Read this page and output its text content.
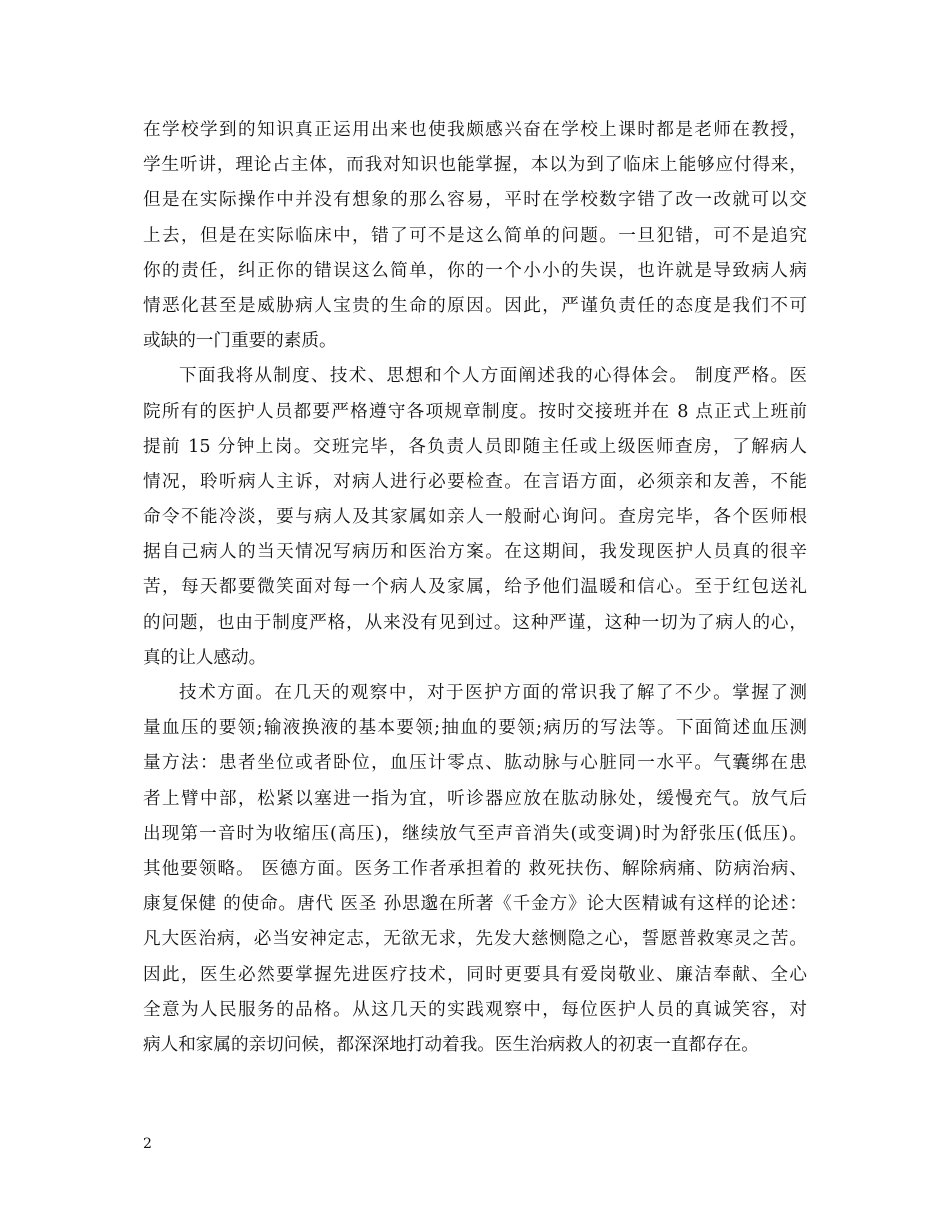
在学校学到的知识真正运用出来也使我颇感兴奋在学校上课时都是老师在教授，
学生听讲，理论占主体，而我对知识也能掌握，本以为到了临床上能够应付得来，
但是在实际操作中并没有想象的那么容易，平时在学校数字错了改一改就可以交
上去，但是在实际临床中，错了可不是这么简单的问题。一旦犯错，可不是追究
你的责任，纠正你的错误这么简单，你的一个小小的失误，也许就是导致病人病
情恶化甚至是威胁病人宝贵的生命的原因。因此，严谨负责任的态度是我们不可
或缺的一门重要的素质。
下面我将从制度、技术、思想和个人方面阐述我的心得体会。 制度严格。医
院所有的医护人员都要严格遵守各项规章制度。按时交接班并在 8 点正式上班前
提前 15 分钟上岗。交班完毕，各负责人员即随主任或上级医师查房，了解病人
情况，聆听病人主诉，对病人进行必要检查。在言语方面，必须亲和友善，不能
命令不能冷淡，要与病人及其家属如亲人一般耐心询问。查房完毕，各个医师根
据自己病人的当天情况写病历和医治方案。在这期间，我发现医护人员真的很辛
苦，每天都要微笑面对每一个病人及家属，给予他们温暖和信心。至于红包送礼
的问题，也由于制度严格，从来没有见到过。这种严谨，这种一切为了病人的心，
真的让人感动。
技术方面。在几天的观察中，对于医护方面的常识我了解了不少。掌握了测
量血压的要领;输液换液的基本要领;抽血的要领;病历的写法等。下面简述血压测
量方法：患者坐位或者卧位，血压计零点、肱动脉与心脏同一水平。气囊绑在患
者上臂中部，松紧以塞进一指为宜，听诊器应放在肱动脉处，缓慢充气。放气后
出现第一音时为收缩压(高压)，继续放气至声音消失(或变调)时为舒张压(低压)。
其他要领略。 医德方面。医务工作者承担着的 救死扶伤、解除病痛、防病治病、
康复保健 的使命。唐代 医圣 孙思邈在所著《千金方》论大医精诚有这样的论述：
凡大医治病，必当安神定志，无欲无求，先发大慈恻隐之心，誓愿普救寒灵之苦。
因此，医生必然要掌握先进医疗技术，同时更要具有爱岗敬业、廉洁奉献、全心
全意为人民服务的品格。从这几天的实践观察中，每位医护人员的真诚笑容，对
病人和家属的亲切问候，都深深地打动着我。医生治病救人的初衷一直都存在。
2
